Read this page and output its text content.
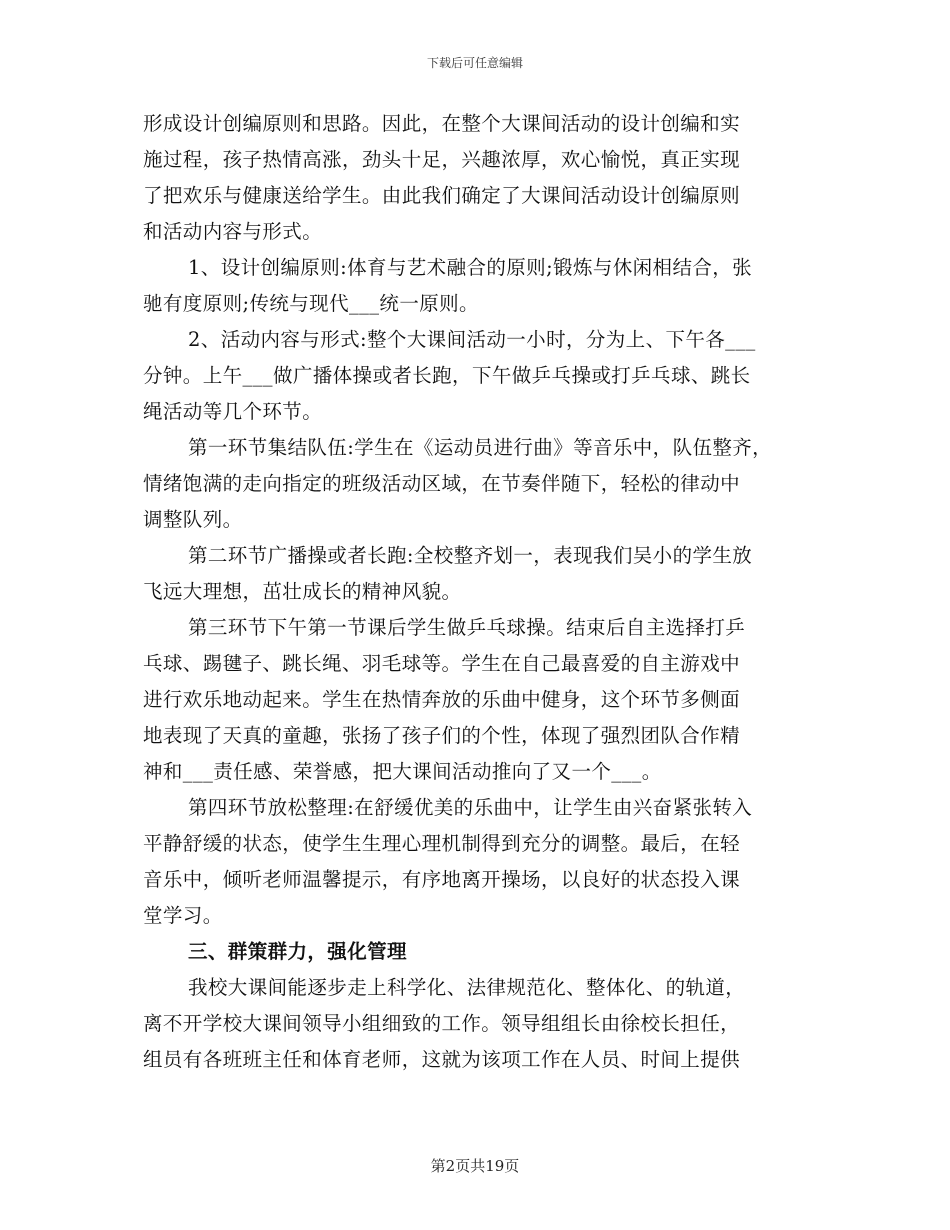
下载后可任意编辑
形成设计创编原则和思路。因此，在整个大课间活动的设计创编和实
施过程，孩子热情高涨，劲头十足，兴趣浓厚，欢心愉悦，真正实现
了把欢乐与健康送给学生。由此我们确定了大课间活动设计创编原则
和活动内容与形式。
1、设计创编原则:体育与艺术融合的原则;锻炼与休闲相结合，张
驰有度原则;传统与现代___统一原则。
2、活动内容与形式:整个大课间活动一小时，分为上、下午各___
分钟。上午___做广播体操或者长跑，下午做乒乓操或打乒乓球、跳长
绳活动等几个环节。
第一环节集结队伍:学生在《运动员进行曲》等音乐中，队伍整齐，
情绪饱满的走向指定的班级活动区域，在节奏伴随下，轻松的律动中
调整队列。
第二环节广播操或者长跑:全校整齐划一，表现我们吴小的学生放
飞远大理想，茁壮成长的精神风貌。
第三环节下午第一节课后学生做乒乓球操。结束后自主选择打乒
乓球、踢毽子、跳长绳、羽毛球等。学生在自己最喜爱的自主游戏中
进行欢乐地动起来。学生在热情奔放的乐曲中健身，这个环节多侧面
地表现了天真的童趣，张扬了孩子们的个性，体现了强烈团队合作精
神和___责任感、荣誉感，把大课间活动推向了又一个___。
第四环节放松整理:在舒缓优美的乐曲中，让学生由兴奋紧张转入
平静舒缓的状态，使学生生理心理机制得到充分的调整。最后，在轻
音乐中，倾听老师温馨提示，有序地离开操场，以良好的状态投入课
堂学习。
三、群策群力，强化管理
我校大课间能逐步走上科学化、法律规范化、整体化、的轨道，
离不开学校大课间领导小组细致的工作。领导组组长由徐校长担任，
组员有各班班主任和体育老师，这就为该项工作在人员、时间上提供
第2页共19页
